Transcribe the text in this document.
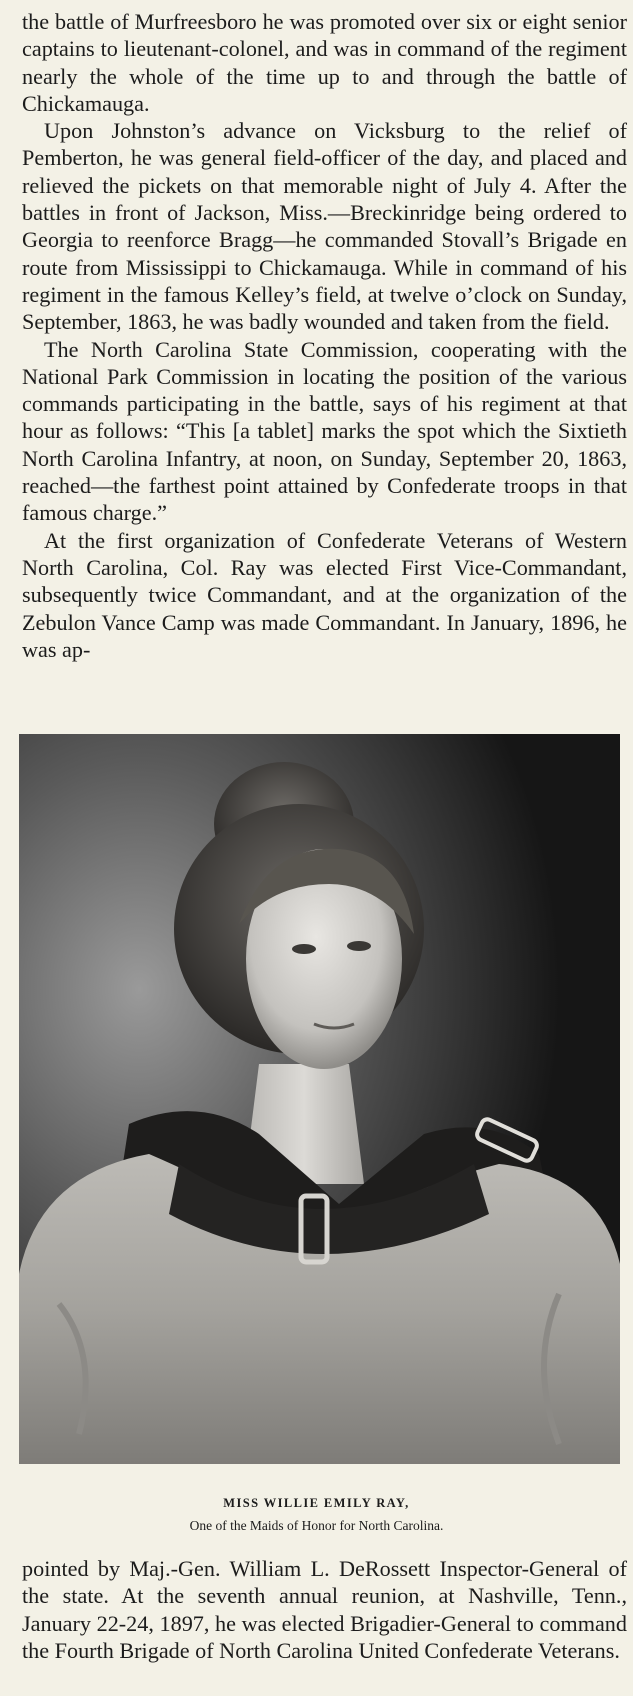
the battle of Murfreesboro he was promoted over six or eight senior captains to lieutenant-colonel, and was in command of the regiment nearly the whole of the time up to and through the battle of Chickamauga.

Upon Johnston’s advance on Vicksburg to the relief of Pemberton, he was general field-officer of the day, and placed and relieved the pickets on that memorable night of July 4. After the battles in front of Jackson, Miss.—Breckinridge being ordered to Georgia to reenforce Bragg—he commanded Stovall’s Brigade en route from Mississippi to Chickamauga. While in command of his regiment in the famous Kelley’s field, at twelve o’clock on Sunday, September, 1863, he was badly wounded and taken from the field.

The North Carolina State Commission, cooperating with the National Park Commission in locating the position of the various commands participating in the battle, says of his regiment at that hour as follows: “This [a tablet] marks the spot which the Sixtieth North Carolina Infantry, at noon, on Sunday, September 20, 1863, reached—the farthest point attained by Confederate troops in that famous charge.”

At the first organization of Confederate Veterans of Western North Carolina, Col. Ray was elected First Vice-Commandant, subsequently twice Commandant, and at the organization of the Zebulon Vance Camp was made Commandant. In January, 1896, he was ap-

MISS WILLIE EMILY RAY,
One of the Maids of Honor for North Carolina.

pointed by Maj.-Gen. William L. DeRossett Inspector-General of the state. At the seventh annual reunion, at Nashville, Tenn., January 22-24, 1897, he was elected Brigadier-General to command the Fourth Brigade of North Carolina United Confederate Veterans.
